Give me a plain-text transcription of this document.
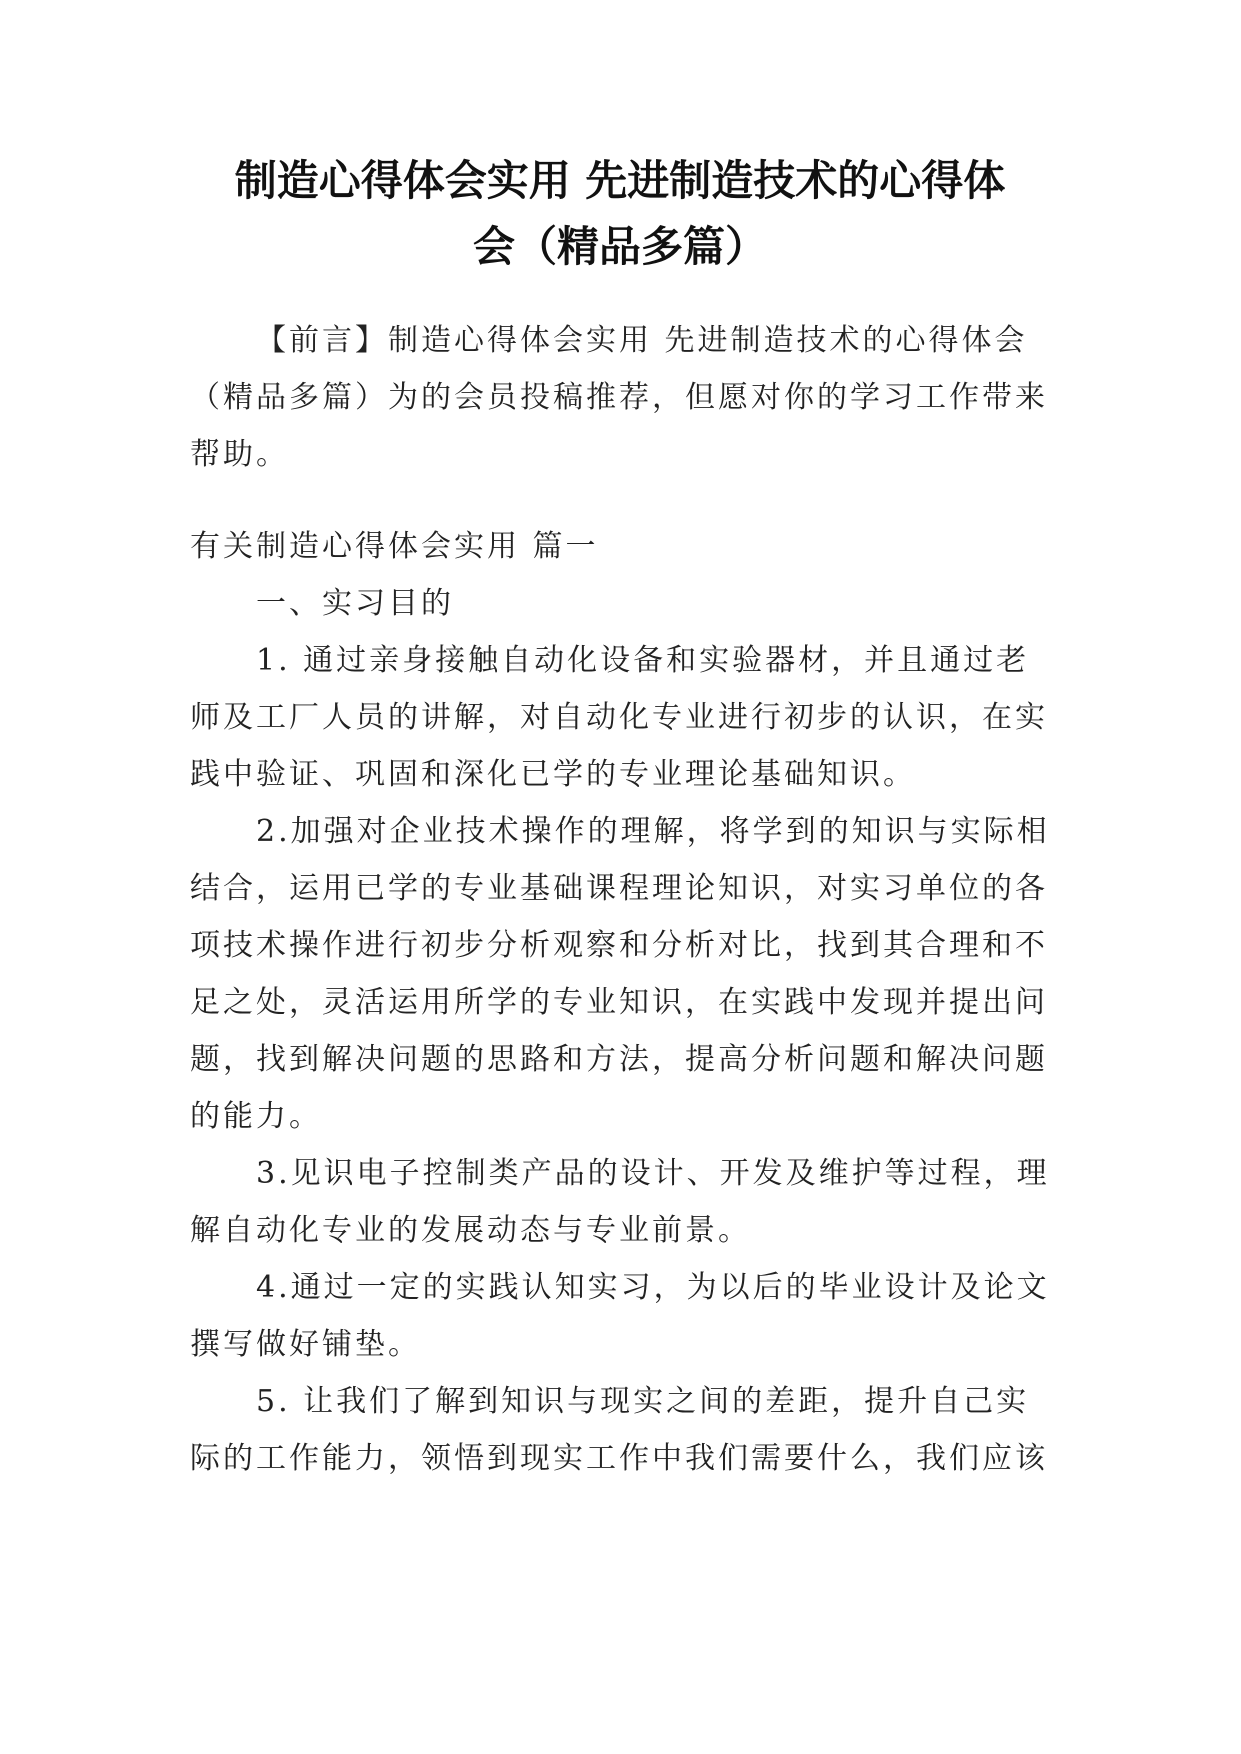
制造心得体会实用 先进制造技术的心得体
会（精品多篇）

【前言】制造心得体会实用 先进制造技术的心得体会

（精品多篇）为的会员投稿推荐，但愿对你的学习工作带来

帮助。

有关制造心得体会实用 篇一

一、实习目的

1. 通过亲身接触自动化设备和实验器材，并且通过老

师及工厂人员的讲解，对自动化专业进行初步的认识，在实

践中验证、巩固和深化已学的专业理论基础知识。

2.加强对企业技术操作的理解，将学到的知识与实际相

结合，运用已学的专业基础课程理论知识，对实习单位的各

项技术操作进行初步分析观察和分析对比，找到其合理和不

足之处，灵活运用所学的专业知识，在实践中发现并提出问

题，找到解决问题的思路和方法，提高分析问题和解决问题

的能力。

3.见识电子控制类产品的设计、开发及维护等过程，理

解自动化专业的发展动态与专业前景。

4.通过一定的实践认知实习，为以后的毕业设计及论文

撰写做好铺垫。

5. 让我们了解到知识与现实之间的差距，提升自己实

际的工作能力，领悟到现实工作中我们需要什么，我们应该
